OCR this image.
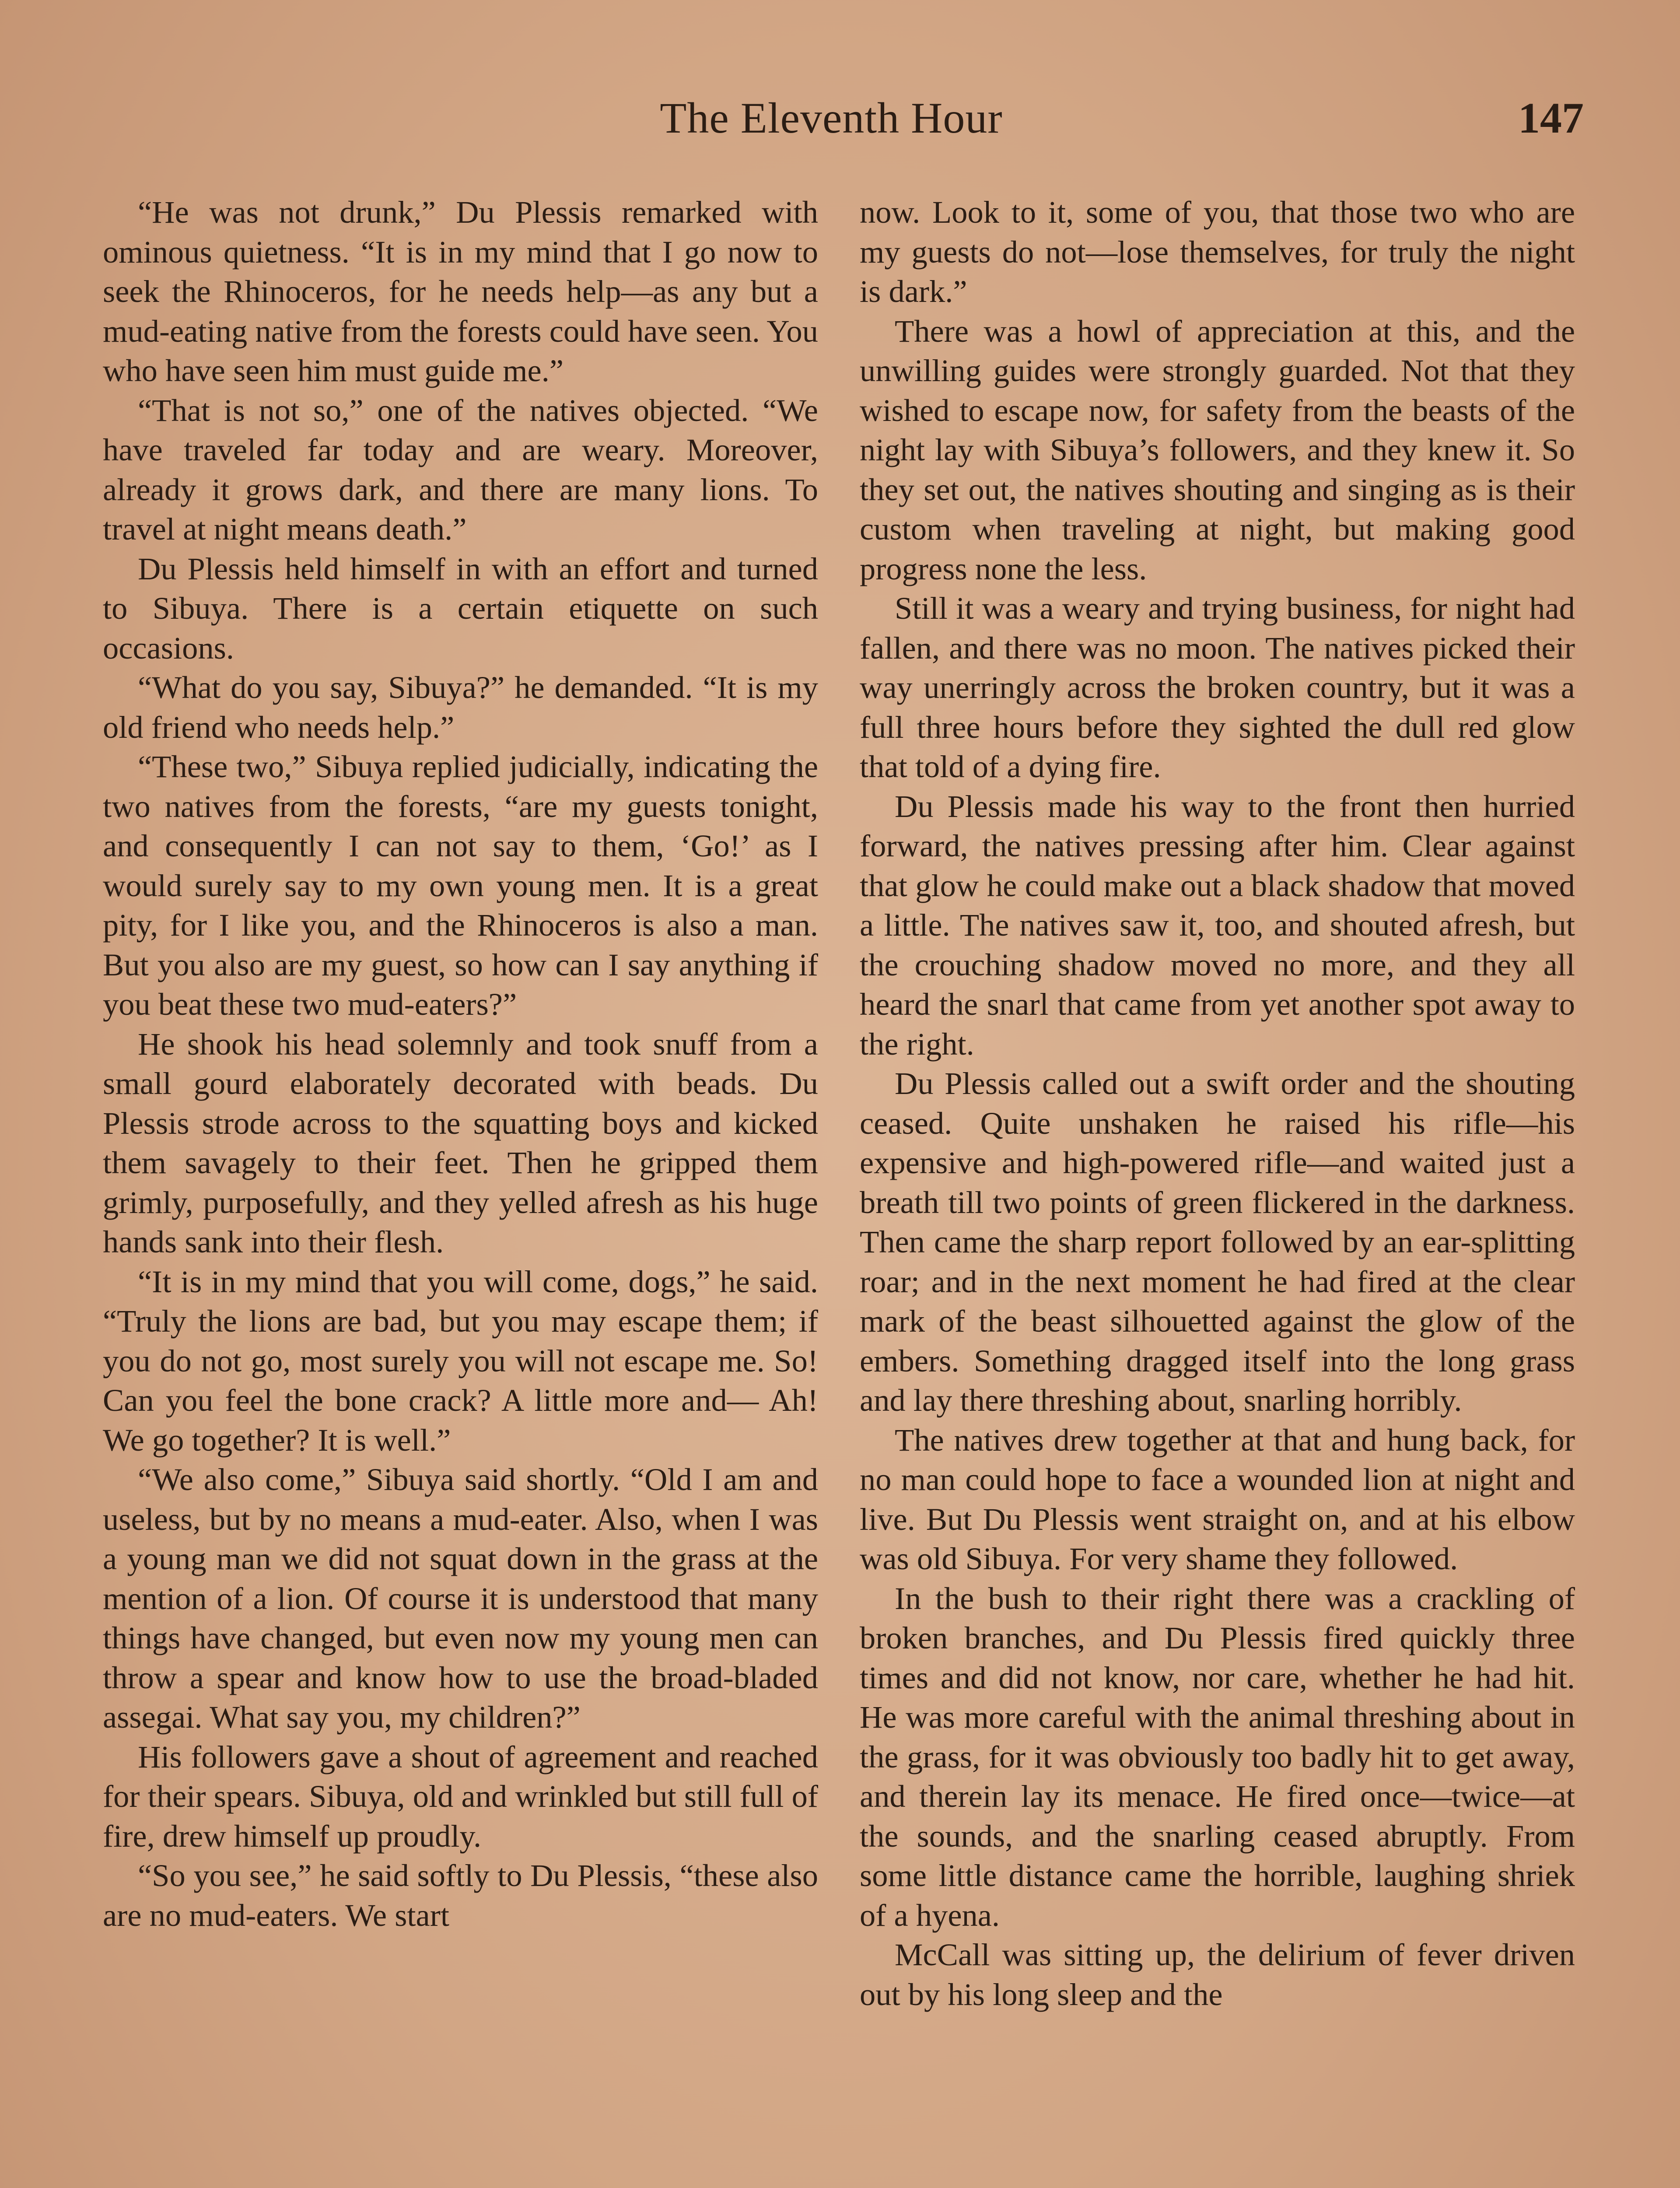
The Eleventh Hour	147

“He was not drunk,” Du Plessis remarked with ominous quietness. “It is in my mind that I go now to seek the Rhinoceros, for he needs help—as any but a mud-eating native from the forests could have seen. You who have seen him must guide me.”

“That is not so,” one of the natives objected. “We have traveled far today and are weary. Moreover, already it grows dark, and there are many lions. To travel at night means death.”

Du Plessis held himself in with an effort and turned to Sibuya. There is a certain etiquette on such occasions.

“What do you say, Sibuya?” he demanded. “It is my old friend who needs help.”

“These two,” Sibuya replied judicially, indicating the two natives from the forests, “are my guests tonight, and consequently I can not say to them, ‘Go!’ as I would surely say to my own young men. It is a great pity, for I like you, and the Rhinoceros is also a man. But you also are my guest, so how can I say anything if you beat these two mud-eaters?”

He shook his head solemnly and took snuff from a small gourd elaborately decorated with beads. Du Plessis strode across to the squatting boys and kicked them savagely to their feet. Then he gripped them grimly, purposefully, and they yelled afresh as his huge hands sank into their flesh.

“It is in my mind that you will come, dogs,” he said. “Truly the lions are bad, but you may escape them; if you do not go, most surely you will not escape me. So! Can you feel the bone crack? A little more and— Ah! We go together? It is well.”

“We also come,” Sibuya said shortly. “Old I am and useless, but by no means a mud-eater. Also, when I was a young man we did not squat down in the grass at the mention of a lion. Of course it is understood that many things have changed, but even now my young men can throw a spear and know how to use the broad-bladed assegai. What say you, my children?”

His followers gave a shout of agreement and reached for their spears. Sibuya, old and wrinkled but still full of fire, drew himself up proudly.

“So you see,” he said softly to Du Plessis, “these also are no mud-eaters. We start

now. Look to it, some of you, that those two who are my guests do not—lose themselves, for truly the night is dark.”

There was a howl of appreciation at this, and the unwilling guides were strongly guarded. Not that they wished to escape now, for safety from the beasts of the night lay with Sibuya’s followers, and they knew it. So they set out, the natives shouting and singing as is their custom when traveling at night, but making good progress none the less.

Still it was a weary and trying business, for night had fallen, and there was no moon. The natives picked their way unerringly across the broken country, but it was a full three hours before they sighted the dull red glow that told of a dying fire.

Du Plessis made his way to the front then hurried forward, the natives pressing after him. Clear against that glow he could make out a black shadow that moved a little. The natives saw it, too, and shouted afresh, but the crouching shadow moved no more, and they all heard the snarl that came from yet another spot away to the right.

Du Plessis called out a swift order and the shouting ceased. Quite unshaken he raised his rifle—his expensive and high-powered rifle—and waited just a breath till two points of green flickered in the darkness. Then came the sharp report followed by an ear-splitting roar; and in the next moment he had fired at the clear mark of the beast silhouetted against the glow of the embers. Something dragged itself into the long grass and lay there threshing about, snarling horribly.

The natives drew together at that and hung back, for no man could hope to face a wounded lion at night and live. But Du Plessis went straight on, and at his elbow was old Sibuya. For very shame they followed.

In the bush to their right there was a crackling of broken branches, and Du Plessis fired quickly three times and did not know, nor care, whether he had hit. He was more careful with the animal threshing about in the grass, for it was obviously too badly hit to get away, and therein lay its menace. He fired once—twice—at the sounds, and the snarling ceased abruptly. From some little distance came the horrible, laughing shriek of a hyena.

McCall was sitting up, the delirium of fever driven out by his long sleep and the
